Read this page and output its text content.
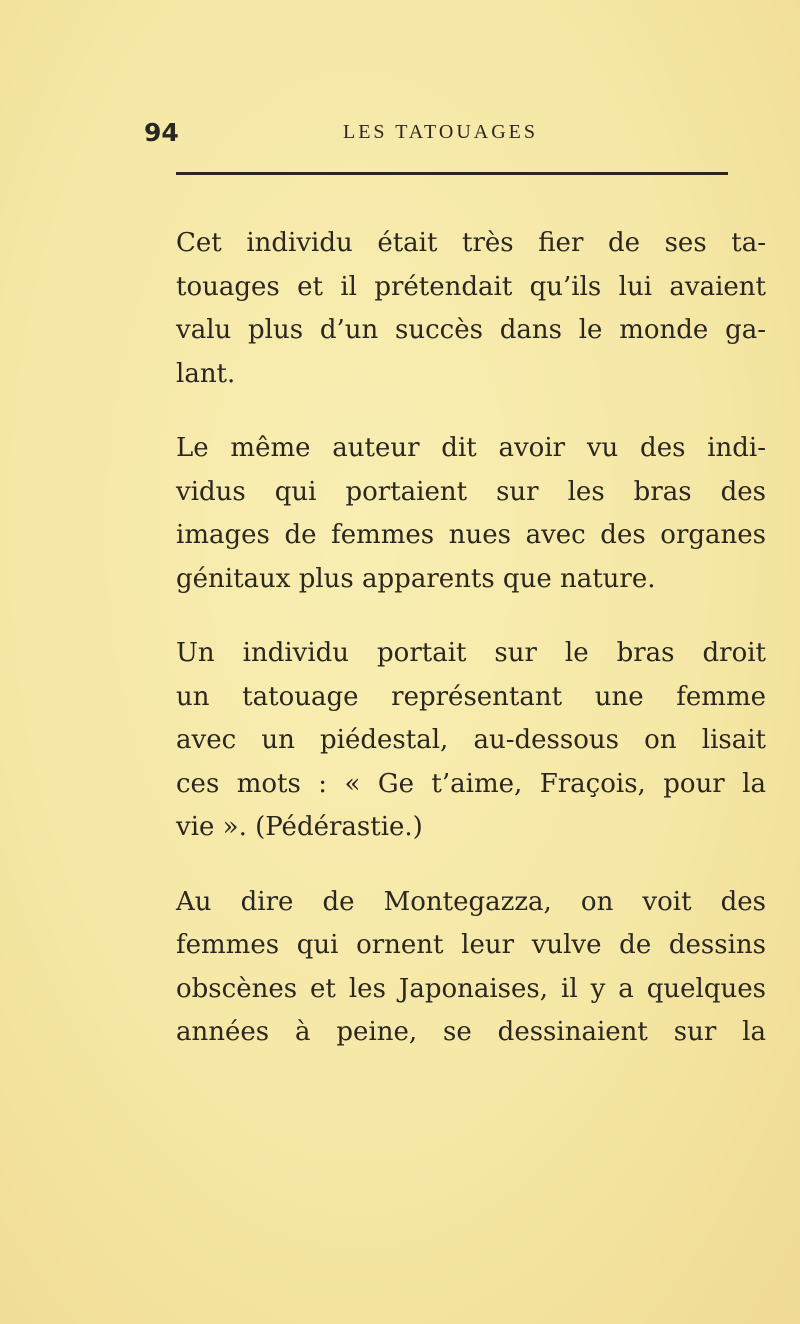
94	LES TATOUAGES

Cet individu était très fier de ses ta-
touages et il prétendait qu’ils lui avaient
valu plus d’un succès dans le monde ga-
lant.

Le même auteur dit avoir vu des indi-
vidus qui portaient sur les bras des
images de femmes nues avec des organes
génitaux plus apparents que nature.

Un individu portait sur le bras droit
un tatouage représentant une femme
avec un piédestal, au-dessous on lisait
ces mots : « Ge t’aime, Fraçois, pour la
vie ». (Pédérastie.)

Au dire de Montegazza, on voit des
femmes qui ornent leur vulve de dessins
obscènes et les Japonaises, il y a quelques
années à peine, se dessinaient sur la
